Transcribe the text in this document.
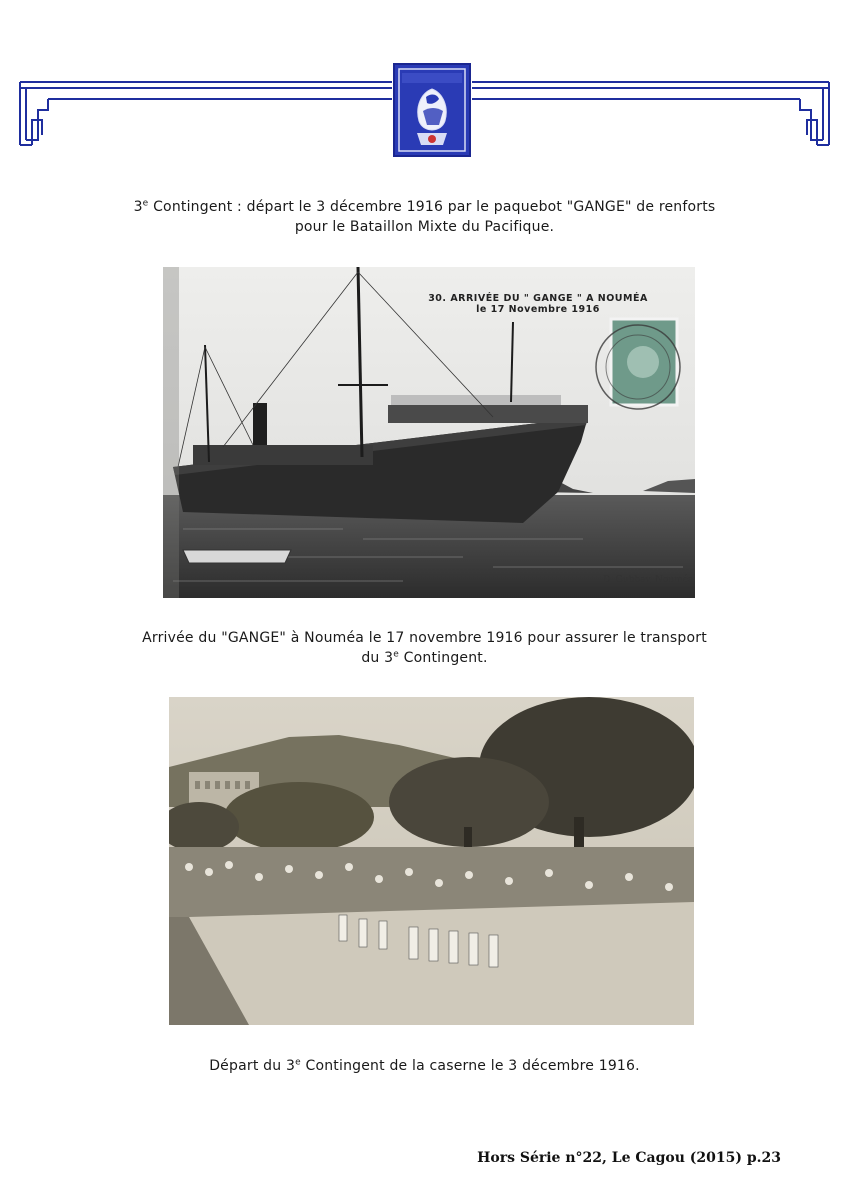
3e Contingent : départ le 3 décembre 1916 par le paquebot "GANGE" de renforts
pour le Bataillon Mixte du Pacifique.
30. ARRIVÉE DU " GANGE " A NOUMÉA
le 17 Novembre 1916
D. Gubbay, Nouméa
Arrivée du "GANGE" à Nouméa le 17 novembre 1916 pour assurer le transport
du 3e Contingent.
Départ du 3e Contingent de la caserne le 3 décembre 1916.
Hors Série n°22, Le Cagou (2015) p.23
